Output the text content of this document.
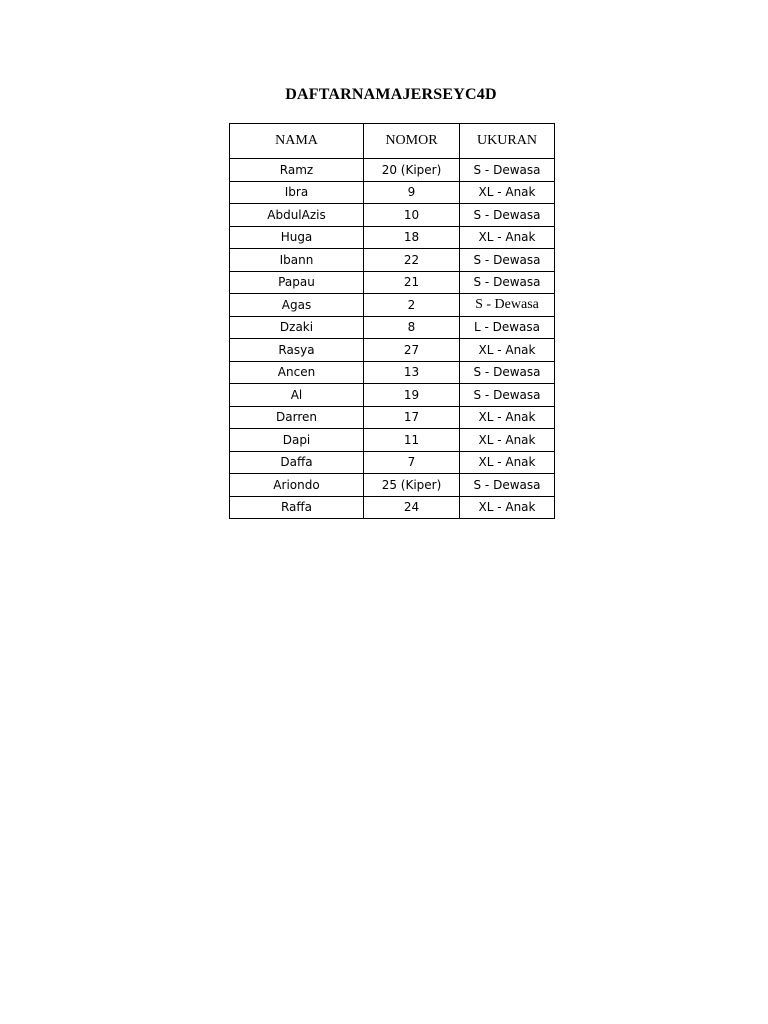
DAFTARNAMAJERSEYC4D
NAMA	NOMOR	UKURAN
Ramz	20 (Kiper)	S - Dewasa
Ibra	9	XL - Anak
AbdulAzis	10	S - Dewasa
Huga	18	XL - Anak
Ibann	22	S - Dewasa
Papau	21	S - Dewasa
Agas	2	S - Dewasa
Dzaki	8	L - Dewasa
Rasya	27	XL - Anak
Ancen	13	S - Dewasa
Al	19	S - Dewasa
Darren	17	XL - Anak
Dapi	11	XL - Anak
Daffa	7	XL - Anak
Ariondo	25 (Kiper)	S - Dewasa
Raffa	24	XL - Anak
